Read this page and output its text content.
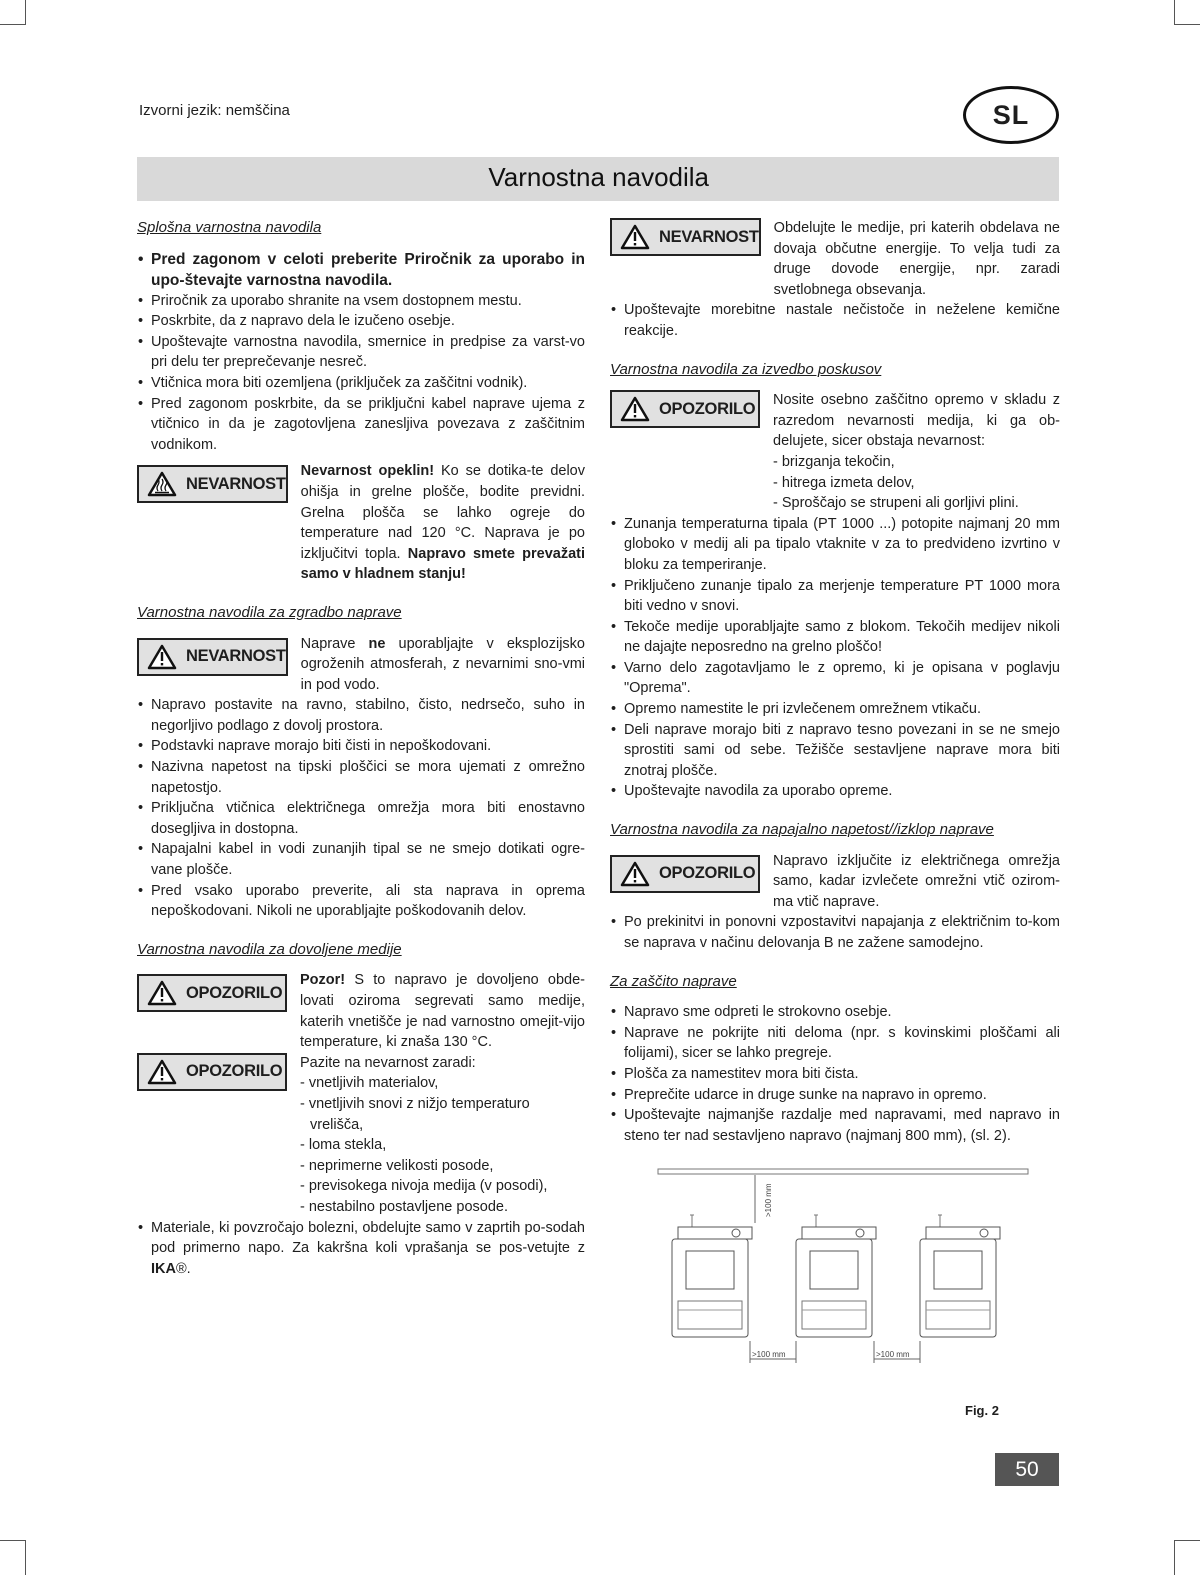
Izvorni jezik: nemščina	SL
Varnostna navodila
Splošna varnostna navodila
• Pred zagonom v celoti preberite Priročnik za uporabo in upo-števajte varnostna navodila.
• Priročnik za uporabo shranite na vsem dostopnem mestu.
• Poskrbite, da z napravo dela le izučeno osebje.
• Upoštevajte varnostna navodila, smernice in predpise za varst-vo pri delu ter preprečevanje nesreč.
• Vtičnica mora biti ozemljena (priključek za zaščitni vodnik).
• Pred zagonom poskrbite, da se priključni kabel naprave ujema z vtičnico in da je zagotovljena zanesljiva povezava z zaščitnim vodnikom.
NEVARNOST
Nevarnost opeklin! Ko se dotika-te delov ohišja in grelne plošče, bodite previdni. Grelna plošča se lahko ogreje do temperature nad 120 °C. Naprava je po izključitvi topla. Napravo smete prevažati samo v hladnem stanju!
Varnostna navodila za zgradbo naprave
NEVARNOST
Naprave ne uporabljajte v eksplozijsko ogroženih atmosferah, z nevarnimi sno-vmi in pod vodo.
• Napravo postavite na ravno, stabilno, čisto, nedrsečo, suho in negorljivo podlago z dovolj prostora.
• Podstavki naprave morajo biti čisti in nepoškodovani.
• Nazivna napetost na tipski ploščici se mora ujemati z omrežno napetostjo.
• Priključna vtičnica električnega omrežja mora biti enostavno dosegljiva in dostopna.
• Napajalni kabel in vodi zunanjih tipal se ne smejo dotikati ogre-vane plošče.
• Pred vsako uporabo preverite, ali sta naprava in oprema nepoškodovani. Nikoli ne uporabljajte poškodovanih delov.
Varnostna navodila za dovoljene medije
OPOZORILO
Pozor! S to napravo je dovoljeno obde-lovati oziroma segrevati samo medije, katerih vnetišče je nad varnostno omejit-vijo temperature, ki znaša 130 °C.
OPOZORILO Pazite na nevarnost zaradi:
- vnetljivih materialov,
- vnetljivih snovi z nižjo temperaturo
vrelišča,
- loma stekla,
- neprimerne velikosti posode,
- previsokega nivoja medija (v posodi),
- nestabilno postavljene posode.
• Materiale, ki povzročajo bolezni, obdelujte samo v zaprtih po-sodah pod primerno napo. Za kakršna koli vprašanja se pos-vetujte z IKA®.
NEVARNOST Obdelujte le medije, pri katerih obdelava ne dovaja občutne energije. To velja tudi za druge dovode energije, npr. zaradi svetlobnega obsevanja.
• Upoštevajte morebitne nastale nečistoče in neželene kemične reakcije.
Varnostna navodila za izvedbo poskusov
OPOZORILO Nosite osebno zaščitno opremo v skladu z razredom nevarnosti medija, ki ga ob-delujete, sicer obstaja nevarnost:
- brizganja tekočin,
- hitrega izmeta delov,
- Sproščajo se strupeni ali gorljivi plini.
• Zunanja temperaturna tipala (PT 1000 ...) potopite najmanj 20 mm globoko v medij ali pa tipalo vtaknite v za to predvideno izvrtino v bloku za temperiranje.
• Priključeno zunanje tipalo za merjenje temperature PT 1000 mora biti vedno v snovi.
• Tekoče medije uporabljajte samo z blokom. Tekočih medijev nikoli ne dajajte neposredno na grelno ploščo!
• Varno delo zagotavljamo le z opremo, ki je opisana v poglavju "Oprema".
• Opremo namestite le pri izvlečenem omrežnem vtikaču.
• Deli naprave morajo biti z napravo tesno povezani in se ne smejo sprostiti sami od sebe. Težišče sestavljene naprave mora biti znotraj plošče.
• Upoštevajte navodila za uporabo opreme.
Varnostna navodila za napajalno napetost//izklop naprave
OPOZORILO
Napravo izključite iz električnega omrežja samo, kadar izvlečete omrežni vtič ozirom-ma vtič naprave.
• Po prekinitvi in ponovni vzpostavitvi napajanja z električnim to-kom se naprava v načinu delovanja B ne zažene samodejno.
Za zaščito naprave
• Napravo sme odpreti le strokovno osebje.
• Naprave ne pokrijte niti deloma (npr. s kovinskimi ploščami ali folijami), sicer se lahko pregreje.
• Plošča za namestitev mora biti čista.
• Preprečite udarce in druge sunke na napravo in opremo.
• Upoštevajte najmanjše razdalje med napravami, med napravo in steno ter nad sestavljeno napravo (najmanj 800 mm), (sl. 2).
>100 mm
>100 mm	>100 mm
Fig. 2
50
